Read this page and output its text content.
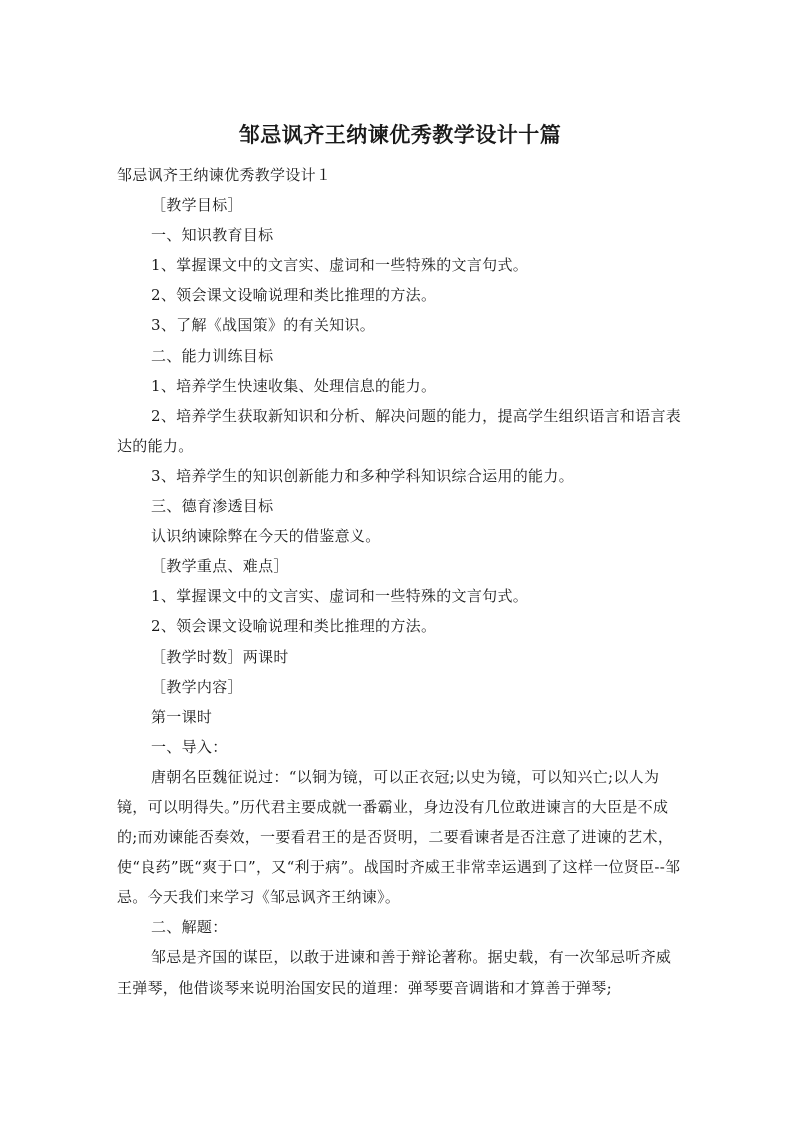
邹忌讽齐王纳谏优秀教学设计十篇

邹忌讽齐王纳谏优秀教学设计１

［教学目标］

一、知识教育目标

1、掌握课文中的文言实、虚词和一些特殊的文言句式。

2、领会课文设喻说理和类比推理的方法。

3、了解《战国策》的有关知识。

二、能力训练目标

1、培养学生快速收集、处理信息的能力。

2、培养学生获取新知识和分析、解决问题的能力，提高学生组织语言和语言表达的能力。

3、培养学生的知识创新能力和多种学科知识综合运用的能力。

三、德育渗透目标

认识纳谏除弊在今天的借鉴意义。

［教学重点、难点］

1、掌握课文中的文言实、虚词和一些特殊的文言句式。

2、领会课文设喻说理和类比推理的方法。

［教学时数］两课时

［教学内容］

第一课时

一、导入：

唐朝名臣魏征说过：“以铜为镜，可以正衣冠;以史为镜，可以知兴亡;以人为镜，可以明得失。”历代君主要成就一番霸业，身边没有几位敢进谏言的大臣是不成的;而劝谏能否奏效，一要看君王的是否贤明，二要看谏者是否注意了进谏的艺术，使“良药”既“爽于口”，又“利于病”。战国时齐威王非常幸运遇到了这样一位贤臣--邹忌。今天我们来学习《邹忌讽齐王纳谏》。

二、解题：

邹忌是齐国的谋臣，以敢于进谏和善于辩论著称。据史载，有一次邹忌听齐威王弹琴，他借谈琴来说明治国安民的道理：弹琴要音调谐和才算善于弹琴;
